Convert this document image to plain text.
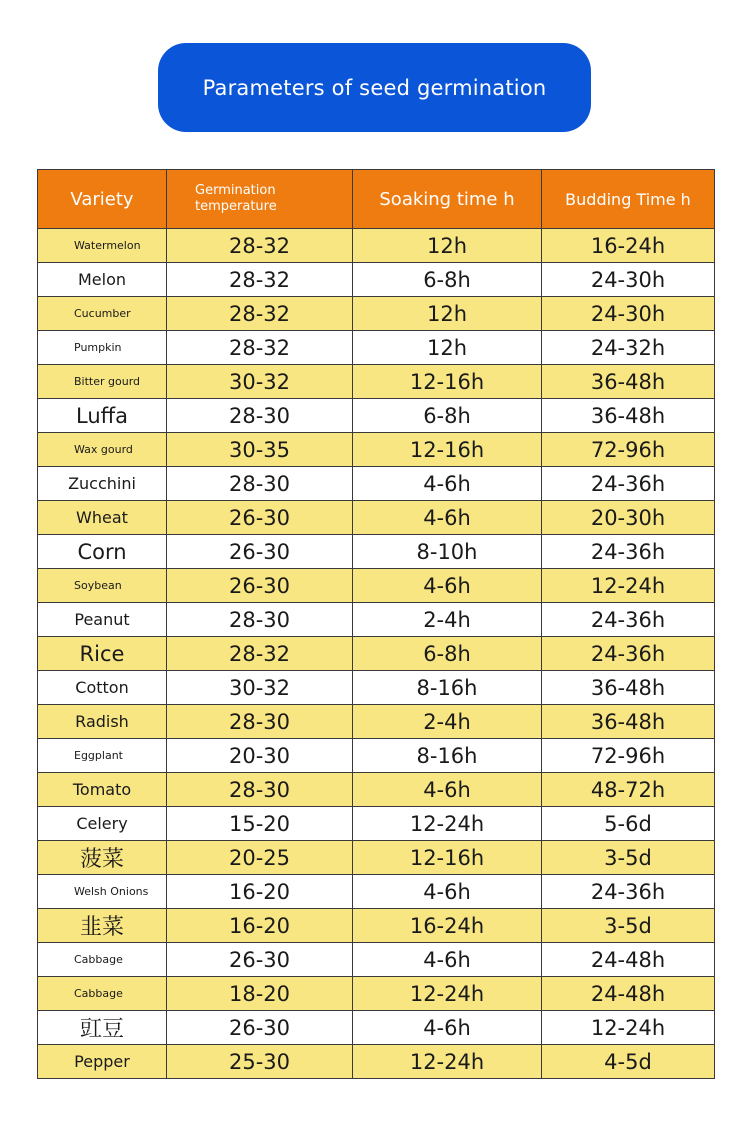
Parameters of seed germination
Variety	Germination temperature	Soaking time h	Budding Time h
Watermelon	28-32	12h	16-24h
Melon	28-32	6-8h	24-30h
Cucumber	28-32	12h	24-30h
Pumpkin	28-32	12h	24-32h
Bitter gourd	30-32	12-16h	36-48h
Luffa	28-30	6-8h	36-48h
Wax gourd	30-35	12-16h	72-96h
Zucchini	28-30	4-6h	24-36h
Wheat	26-30	4-6h	20-30h
Corn	26-30	8-10h	24-36h
Soybean	26-30	4-6h	12-24h
Peanut	28-30	2-4h	24-36h
Rice	28-32	6-8h	24-36h
Cotton	30-32	8-16h	36-48h
Radish	28-30	2-4h	36-48h
Eggplant	20-30	8-16h	72-96h
Tomato	28-30	4-6h	48-72h
Celery	15-20	12-24h	5-6d
菠菜	20-25	12-16h	3-5d
Welsh Onions	16-20	4-6h	24-36h
韭菜	16-20	16-24h	3-5d
Cabbage	26-30	4-6h	24-48h
Cabbage	18-20	12-24h	24-48h
豇豆	26-30	4-6h	12-24h
Pepper	25-30	12-24h	4-5d
